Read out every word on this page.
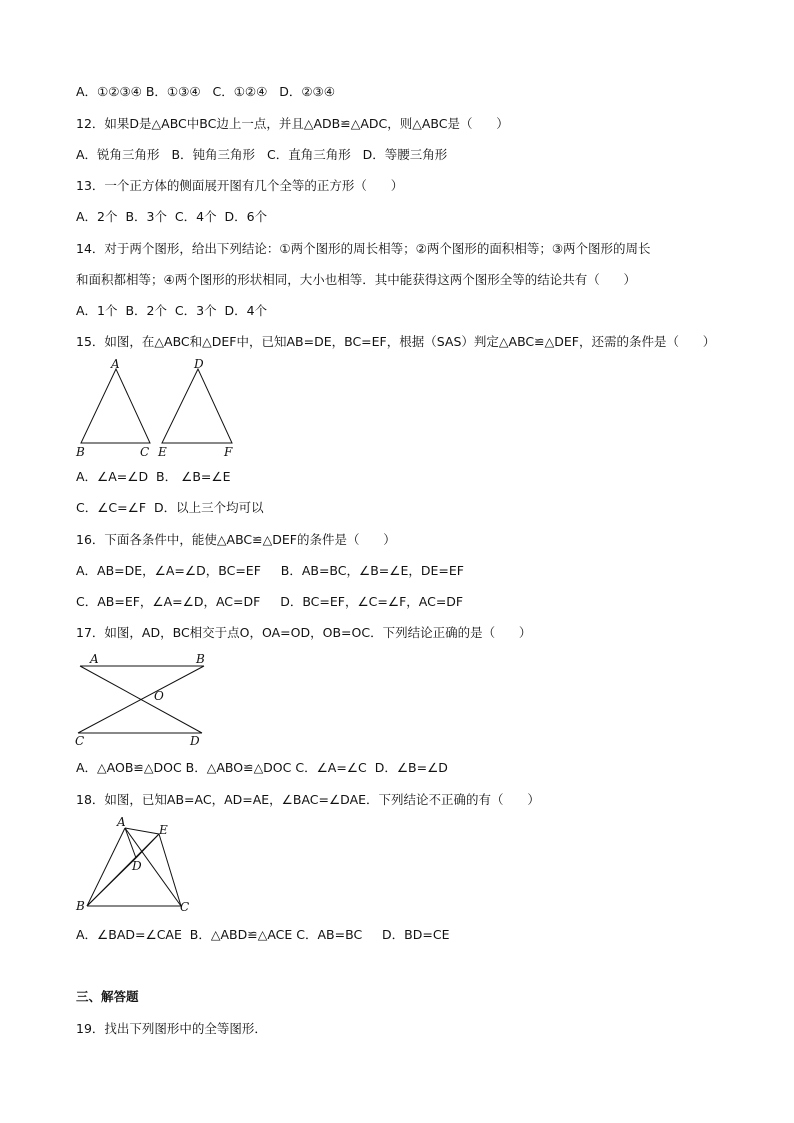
A．①②③④ B．①③④   C．①②④   D．②③④
12．如果D是△ABC中BC边上一点，并且△ADB≌△ADC，则△ABC是（      ）
A．锐角三角形   B．钝角三角形   C．直角三角形   D．等腰三角形
13．一个正方体的侧面展开图有几个全等的正方形（      ）
A．2个  B．3个  C．4个  D．6个
14．对于两个图形，给出下列结论：①两个图形的周长相等；②两个图形的面积相等；③两个图形的周长
和面积都相等；④两个图形的形状相同，大小也相等．其中能获得这两个图形全等的结论共有（      ）
A．1个  B．2个  C．3个  D．4个
15．如图，在△ABC和△DEF中，已知AB=DE，BC=EF，根据（SAS）判定△ABC≌△DEF，还需的条件是（      ）
A
B	C
D
E	F
A．∠A=∠D  B． ∠B=∠E
C．∠C=∠F  D．以上三个均可以
16．下面各条件中，能使△ABC≌△DEF的条件是（      ）
A．AB=DE，∠A=∠D，BC=EF     B．AB=BC，∠B=∠E，DE=EF
C．AB=EF，∠A=∠D，AC=DF     D．BC=EF，∠C=∠F，AC=DF
17．如图，AD，BC相交于点O，OA=OD，OB=OC．下列结论正确的是（      ）
A	B
O
C	D
A．△AOB≌△DOC B．△ABO≌△DOC C．∠A=∠C  D．∠B=∠D
18．如图，已知AB=AC，AD=AE，∠BAC=∠DAE．下列结论不正确的有（      ）
A
E
D
B	C
A．∠BAD=∠CAE  B．△ABD≌△ACE C．AB=BC     D．BD=CE
三、解答题
19．找出下列图形中的全等图形．
